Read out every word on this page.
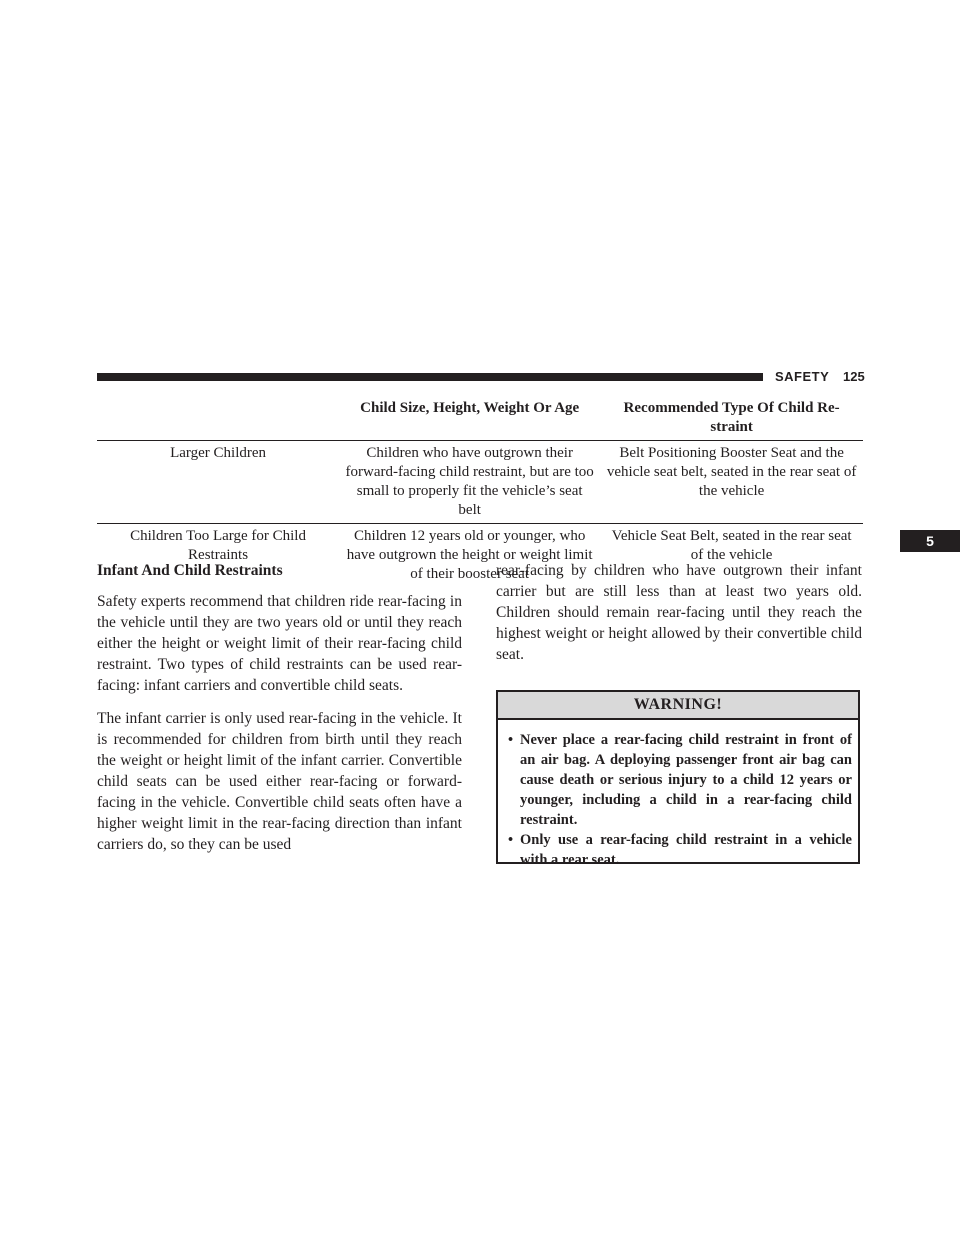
SAFETY 125
5
	Child Size, Height, Weight Or Age	Recommended Type Of Child Re-straint
Larger Children	Children who have outgrown their forward-facing child restraint, but are too small to properly fit the vehicle’s seat belt	Belt Positioning Booster Seat and the vehicle seat belt, seated in the rear seat of the vehicle
Children Too Large for Child Restraints	Children 12 years old or younger, who have outgrown the height or weight limit of their booster seat	Vehicle Seat Belt, seated in the rear seat of the vehicle

Infant And Child Restraints

Safety experts recommend that children ride rear-facing in the vehicle until they are two years old or until they reach either the height or weight limit of their rear-facing child restraint. Two types of child restraints can be used rear-facing: infant carriers and convertible child seats.

The infant carrier is only used rear-facing in the vehicle. It is recommended for children from birth until they reach the weight or height limit of the infant carrier. Convertible child seats can be used either rear-facing or forward-facing in the vehicle. Convertible child seats often have a higher weight limit in the rear-facing direction than infant carriers do, so they can be used

rear-facing by children who have outgrown their infant carrier but are still less than at least two years old. Children should remain rear-facing until they reach the highest weight or height allowed by their convertible child seat.

WARNING!
• Never place a rear-facing child restraint in front of an air bag. A deploying passenger front air bag can cause death or serious injury to a child 12 years or younger, including a child in a rear-facing child restraint.
• Only use a rear-facing child restraint in a vehicle with a rear seat.
